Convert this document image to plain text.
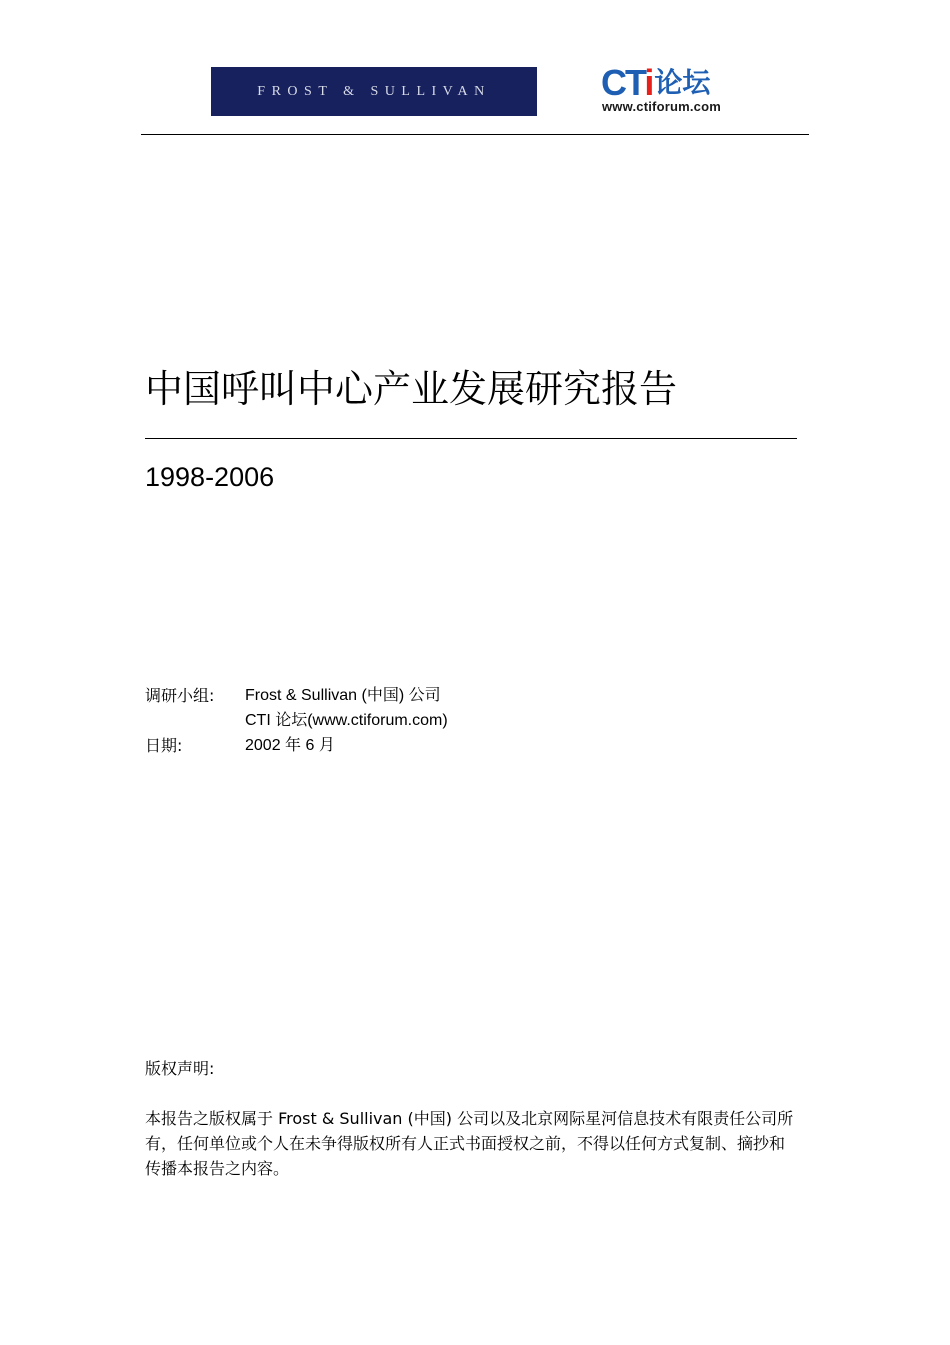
FROST & SULLIVAN	CTi 论坛
www.ctiforum.com
中国呼叫中心产业发展研究报告
1998-2006
调研小组: Frost & Sullivan (中国) 公司
CTI 论坛(www.ctiforum.com)
日期:	2002 年 6 月
版权声明:
本报告之版权属于 Frost & Sullivan (中国) 公司以及北京网际星河信息技术有限责任公司所
有，任何单位或个人在未争得版权所有人正式书面授权之前，不得以任何方式复制、摘抄和
传播本报告之内容。
